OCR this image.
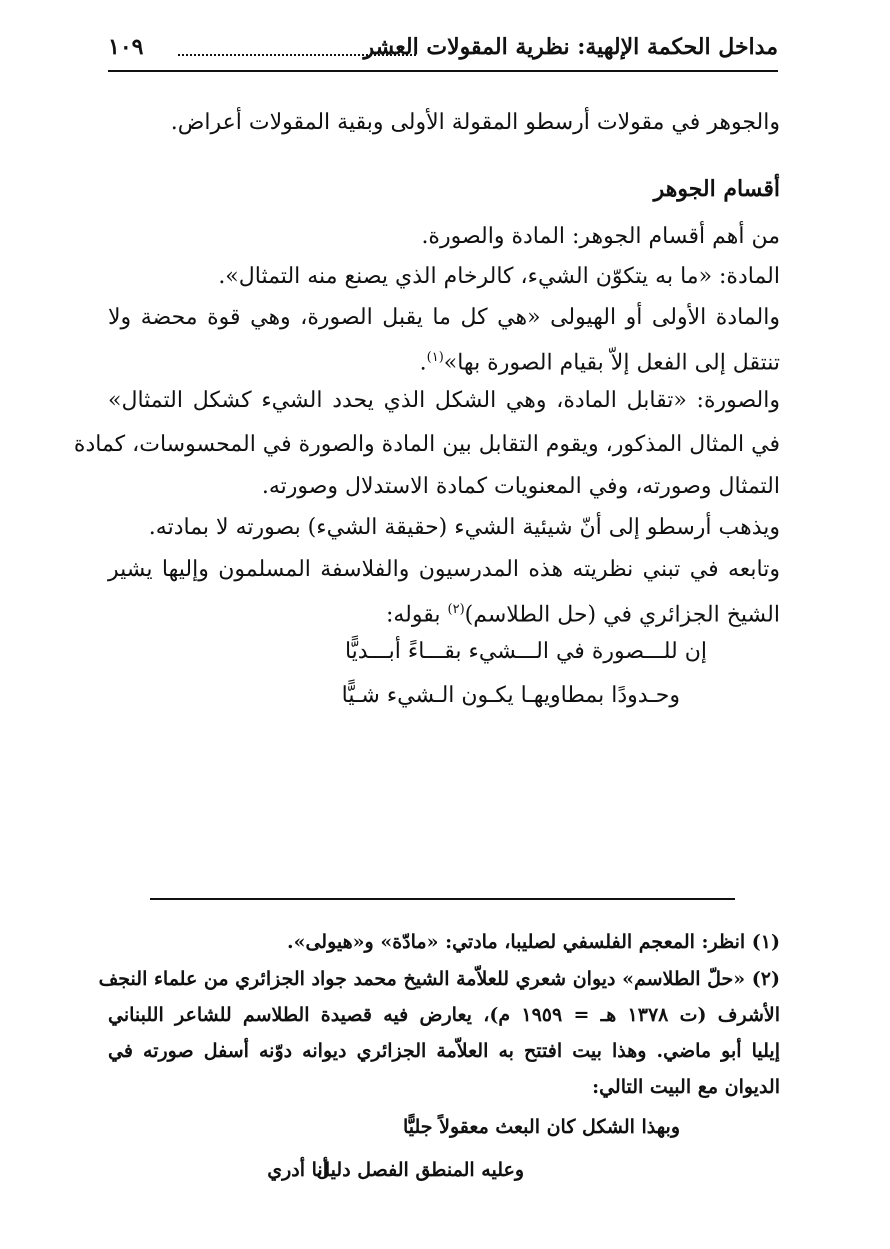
مداخل الحكمة الإلهية: نظرية المقولات العشر
١٠٩
والجوهر في مقولات أرسطو المقولة الأولى وبقية المقولات أعراض.
أقسام الجوهر
من أهم أقسام الجوهر: المادة والصورة.
المادة: «ما به يتكوّن الشيء، كالرخام الذي يصنع منه التمثال».
والمادة الأولى أو الهيولى «هي كل ما يقبل الصورة، وهي قوة محضة ولا
تنتقل إلى الفعل إلاّ بقيام الصورة بها»$^{(١)}$.
والصورة: «تقابل المادة، وهي الشكل الذي يحدد الشيء كشكل التمثال»
في المثال المذكور، ويقوم التقابل بين المادة والصورة في المحسوسات، كمادة
التمثال وصورته، وفي المعنويات كمادة الاستدلال وصورته.
ويذهب أرسطو إلى أنّ شيئية الشيء (حقيقة الشيء) بصورته لا بمادته.
وتابعه في تبني نظريته هذه المدرسيون والفلاسفة المسلمون وإليها يشير
الشيخ الجزائري في (حل الطلاسم)$^{(٢)}$ بقوله:
إن للـــصورة في الـــشيء بقـــاءً أبـــديًّا
وحـدودًا بمطاويهـا يكـون الـشيء شـيًّا
(١) انظر: المعجم الفلسفي لصليبا، مادتي: «مادّة» و«هيولى».
(٢) «حلّ الطلاسم» ديوان شعري للعلاّمة الشيخ محمد جواد الجزائري من علماء النجف
الأشرف (ت ١٣٧٨ هـ = ١٩٥٩ م)، يعارض فيه قصيدة الطلاسم للشاعر اللبناني
إيليا أبو ماضي. وهذا بيت افتتح به العلاّمة الجزائري ديوانه دوّنه أسفل صورته في
الديوان مع البيت التالي:
وبهذا الشكل كان البعث معقولاً جليًّا
وعليه المنطق الفصل دليل
أنا أدري
